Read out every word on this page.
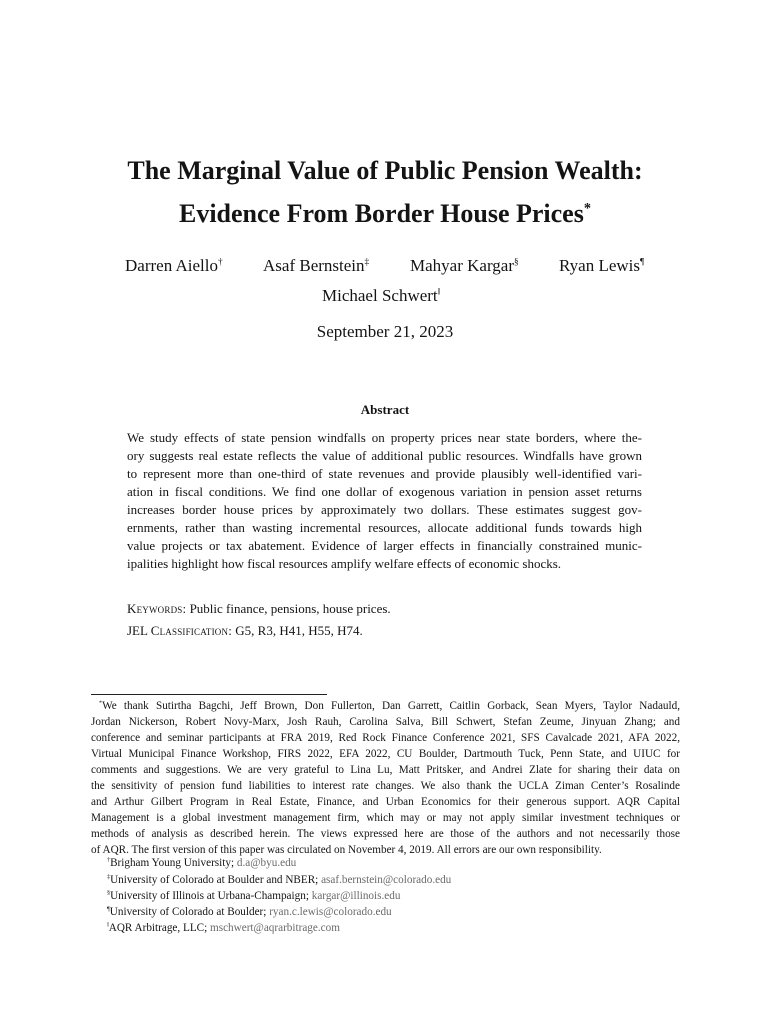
The Marginal Value of Public Pension Wealth:
Evidence From Border House Prices*
Darren Aiello† Asaf Bernstein‡ Mahyar Kargar§ Ryan Lewis¶
Michael Schwert‖
September 21, 2023
Abstract
We study effects of state pension windfalls on property prices near state borders, where the-
ory suggests real estate reflects the value of additional public resources. Windfalls have grown
to represent more than one-third of state revenues and provide plausibly well-identified vari-
ation in fiscal conditions. We find one dollar of exogenous variation in pension asset returns
increases border house prices by approximately two dollars. These estimates suggest gov-
ernments, rather than wasting incremental resources, allocate additional funds towards high
value projects or tax abatement. Evidence of larger effects in financially constrained munic-
ipalities highlight how fiscal resources amplify welfare effects of economic shocks.
Keywords: Public finance, pensions, house prices.
JEL Classification: G5, R3, H41, H55, H74.
*We thank Sutirtha Bagchi, Jeff Brown, Don Fullerton, Dan Garrett, Caitlin Gorback, Sean Myers, Taylor Nadauld,
Jordan Nickerson, Robert Novy-Marx, Josh Rauh, Carolina Salva, Bill Schwert, Stefan Zeume, Jinyuan Zhang; and
conference and seminar participants at FRA 2019, Red Rock Finance Conference 2021, SFS Cavalcade 2021, AFA 2022,
Virtual Municipal Finance Workshop, FIRS 2022, EFA 2022, CU Boulder, Dartmouth Tuck, Penn State, and UIUC for
comments and suggestions. We are very grateful to Lina Lu, Matt Pritsker, and Andrei Zlate for sharing their data on
the sensitivity of pension fund liabilities to interest rate changes. We also thank the UCLA Ziman Center’s Rosalinde
and Arthur Gilbert Program in Real Estate, Finance, and Urban Economics for their generous support. AQR Capital
Management is a global investment management firm, which may or may not apply similar investment techniques or
methods of analysis as described herein. The views expressed here are those of the authors and not necessarily those
of AQR. The first version of this paper was circulated on November 4, 2019. All errors are our own responsibility.
†Brigham Young University; d.a@byu.edu
‡University of Colorado at Boulder and NBER; asaf.bernstein@colorado.edu
§University of Illinois at Urbana-Champaign; kargar@illinois.edu
¶University of Colorado at Boulder; ryan.c.lewis@colorado.edu
‖AQR Arbitrage, LLC; mschwert@aqrarbitrage.com
